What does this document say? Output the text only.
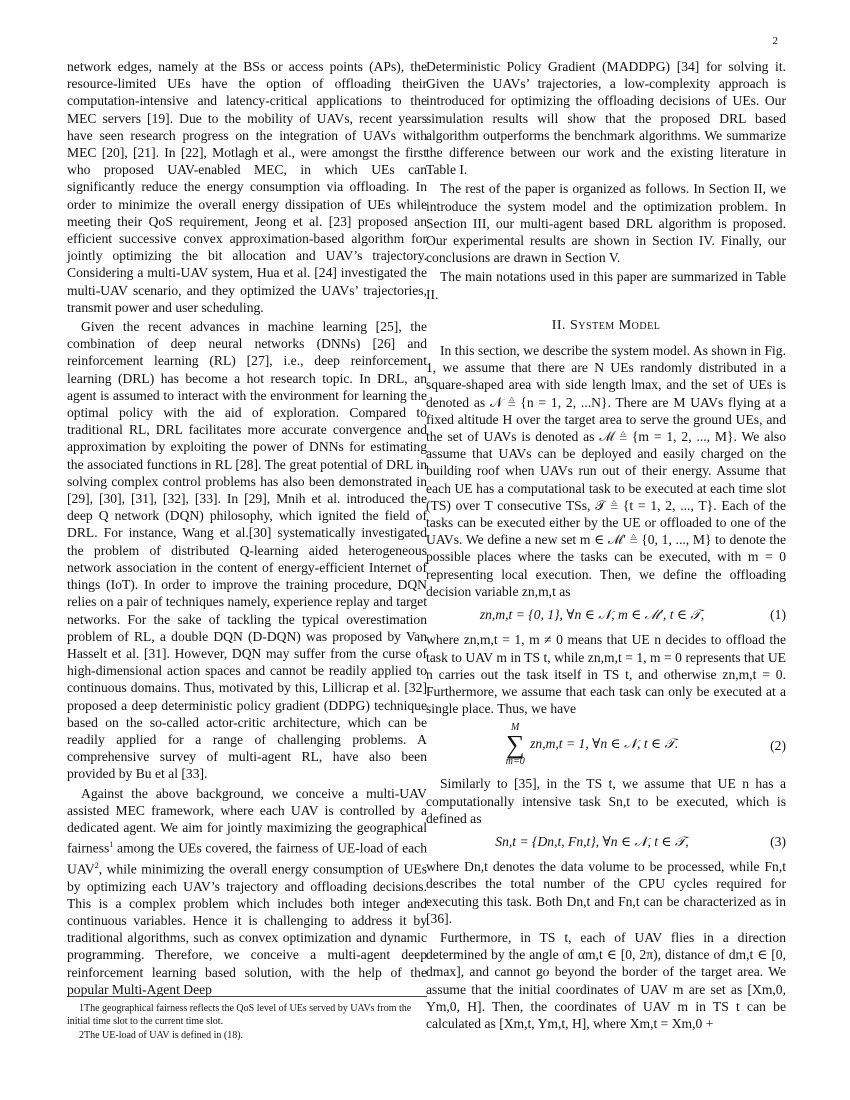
2

network edges, namely at the BSs or access points (APs), the resource-limited UEs have the option of offloading their computation-intensive and latency-critical applications to the MEC servers [19]. Due to the mobility of UAVs, recent years have seen research progress on the integration of UAVs with MEC [20], [21]. In [22], Motlagh et al., were amongst the first who proposed UAV-enabled MEC, in which UEs can significantly reduce the energy consumption via offloading. In order to minimize the overall energy dissipation of UEs while meeting their QoS requirement, Jeong et al. [23] proposed an efficient successive convex approximation-based algorithm for jointly optimizing the bit allocation and UAV’s trajectory. Considering a multi-UAV system, Hua et al. [24] investigated the multi-UAV scenario, and they optimized the UAVs’ trajectories, transmit power and user scheduling.

Given the recent advances in machine learning [25], the combination of deep neural networks (DNNs) [26] and reinforcement learning (RL) [27], i.e., deep reinforcement learning (DRL) has become a hot research topic. In DRL, an agent is assumed to interact with the environment for learning the optimal policy with the aid of exploration. Compared to traditional RL, DRL facilitates more accurate convergence and approximation by exploiting the power of DNNs for estimating the associated functions in RL [28]. The great potential of DRL in solving complex control problems has also been demonstrated in [29], [30], [31], [32], [33]. In [29], Mnih et al. introduced the deep Q network (DQN) philosophy, which ignited the field of DRL. For instance, Wang et al.[30] systematically investigated the problem of distributed Q-learning aided heterogeneous network association in the content of energy-efficient Internet of things (IoT). In order to improve the training procedure, DQN relies on a pair of techniques namely, experience replay and target networks. For the sake of tackling the typical overestimation problem of RL, a double DQN (D-DQN) was proposed by Van Hasselt et al. [31]. However, DQN may suffer from the curse of high-dimensional action spaces and cannot be readily applied to continuous domains. Thus, motivated by this, Lillicrap et al. [32] proposed a deep deterministic policy gradient (DDPG) technique based on the so-called actor-critic architecture, which can be readily applied for a range of challenging problems. A comprehensive survey of multi-agent RL, have also been provided by Bu et al [33].

Against the above background, we conceive a multi-UAV assisted MEC framework, where each UAV is controlled by a dedicated agent. We aim for jointly maximizing the geographical fairness$^1$ among the UEs covered, the fairness of UE-load of each UAV$^2$, while minimizing the overall energy consumption of UEs by optimizing each UAV’s trajectory and offloading decisions. This is a complex problem which includes both integer and continuous variables. Hence it is challenging to address it by traditional algorithms, such as convex optimization and dynamic programming. Therefore, we conceive a multi-agent deep reinforcement learning based solution, with the help of the popular Multi-Agent Deep

1The geographical fairness reflects the QoS level of UEs served by UAVs from the initial time slot to the current time slot.
2The UE-load of UAV is defined in (18).

Deterministic Policy Gradient (MADDPG) [34] for solving it. Given the UAVs’ trajectories, a low-complexity approach is introduced for optimizing the offloading decisions of UEs. Our simulation results will show that the proposed DRL based algorithm outperforms the benchmark algorithms. We summarize the difference between our work and the existing literature in Table I.

The rest of the paper is organized as follows. In Section II, we introduce the system model and the optimization problem. In Section III, our multi-agent based DRL algorithm is proposed. Our experimental results are shown in Section IV. Finally, our conclusions are drawn in Section V.

The main notations used in this paper are summarized in Table II.

II. System Model

In this section, we describe the system model. As shown in Fig. 1, we assume that there are N UEs randomly distributed in a square-shaped area with side length lmax, and the set of UEs is denoted as 𝒩 ≜ {n = 1, 2, ...N}. There are M UAVs flying at a fixed altitude H over the target area to serve the ground UEs, and the set of UAVs is denoted as ℳ ≜ {m = 1, 2, ..., M}. We also assume that UAVs can be deployed and easily charged on the building roof when UAVs run out of their energy. Assume that each UE has a computational task to be executed at each time slot (TS) over T consecutive TSs, 𝒯 ≜ {t = 1, 2, ..., T}. Each of the tasks can be executed either by the UE or offloaded to one of the UAVs. We define a new set m ∈ ℳ′ ≜ {0, 1, ..., M} to denote the possible places where the tasks can be executed, with m = 0 representing local execution. Then, we define the offloading decision variable zn,m,t as

zn,m,t = {0, 1}, ∀n ∈ 𝒩, m ∈ ℳ′, t ∈ 𝒯,	(1)

where zn,m,t = 1, m ≠ 0 means that UE n decides to offload the task to UAV m in TS t, while zn,m,t = 1, m = 0 represents that UE n carries out the task itself in TS t, and otherwise zn,m,t = 0. Furthermore, we assume that each task can only be executed at a single place. Thus, we have

M
∑
m=0
zn,m,t = 1, ∀n ∈ 𝒩, t ∈ 𝒯.	(2)

Similarly to [35], in the TS t, we assume that UE n has a computationally intensive task Sn,t to be executed, which is defined as

Sn,t = {Dn,t, Fn,t}, ∀n ∈ 𝒩, t ∈ 𝒯,	(3)

where Dn,t denotes the data volume to be processed, while Fn,t describes the total number of the CPU cycles required for executing this task. Both Dn,t and Fn,t can be characterized as in [36].

Furthermore, in TS t, each of UAV flies in a direction determined by the angle of αm,t ∈ [0, 2π), distance of dm,t ∈ [0, dmax], and cannot go beyond the border of the target area. We assume that the initial coordinates of UAV m are set as [Xm,0, Ym,0, H]. Then, the coordinates of UAV m in TS t can be calculated as [Xm,t, Ym,t, H], where Xm,t = Xm,0 +
